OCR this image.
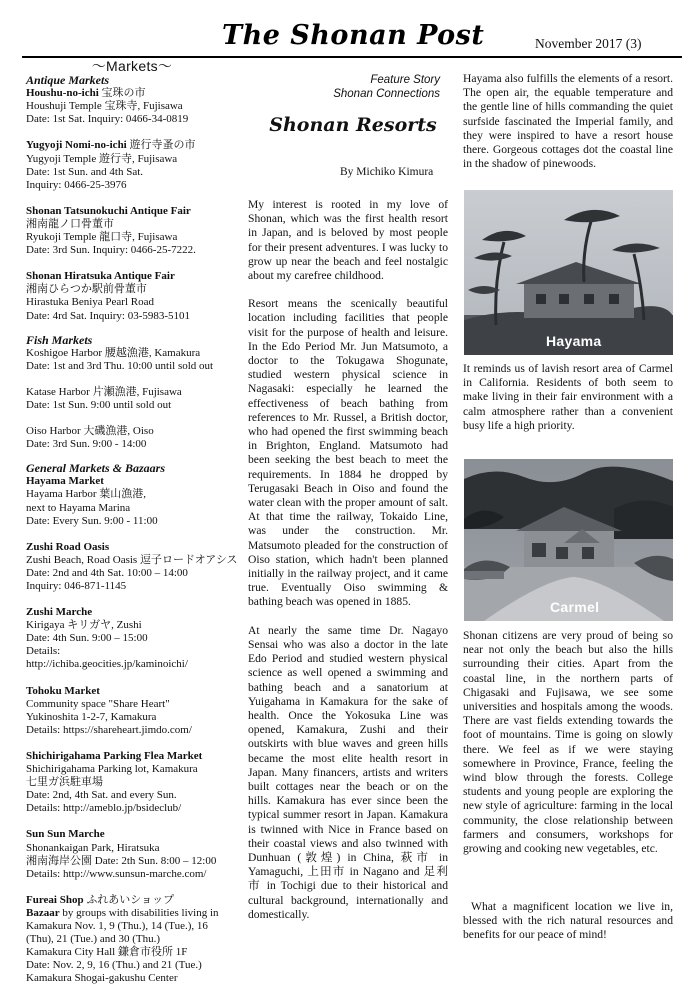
The Shonan Post	November 2017 (3)
〜Markets〜
Antique Markets
Houshu-no-ichi 宝珠の市
Houshuji Temple 宝珠寺, Fujisawa
Date: 1st Sat. Inquiry: 0466-34-0819
Yugyoji Nomi-no-ichi 遊行寺蚤の市
Yugyoji Temple 遊行寺, Fujisawa
Date: 1st Sun. and 4th Sat.
Inquiry: 0466-25-3976
Shonan Tatsunokuchi Antique Fair
湘南龍ノ口骨董市
Ryukoji Temple 龍口寺, Fujisawa
Date: 3rd Sun. Inquiry: 0466-25-7222.
Shonan Hiratsuka Antique Fair
湘南ひらつか駅前骨董市
Hirastuka Beniya Pearl Road
Date: 4rd Sat. Inquiry: 03-5983-5101
Fish Markets
Koshigoe Harbor 腰越漁港, Kamakura
Date: 1st and 3rd Thu. 10:00 until sold out
Katase Harbor 片瀬漁港, Fujisawa
Date: 1st Sun. 9:00 until sold out
Oiso Harbor 大磯漁港, Oiso
Date: 3rd Sun. 9:00 - 14:00
General Markets & Bazaars
Hayama Market
Hayama Harbor 葉山漁港,
next to Hayama Marina
Date: Every Sun. 9:00 - 11:00
Zushi Road Oasis
Zushi Beach, Road Oasis 逗子ロードオアシス
Date: 2nd and 4th Sat. 10:00 – 14:00
Inquiry: 046-871-1145
Zushi Marche
Kirigaya キリガヤ, Zushi
Date: 4th Sun. 9:00 – 15:00
Details:
http://ichiba.geocities.jp/kaminoichi/
Tohoku Market
Community space "Share Heart"
Yukinoshita 1-2-7, Kamakura
Details: https://shareheart.jimdo.com/
Shichirigahama Parking Flea Market
Shichirigahama Parking lot, Kamakura
七里ガ浜駐車場
Date: 2nd, 4th Sat. and every Sun.
Details: http://ameblo.jp/bsideclub/
Sun Sun Marche
Shonankaigan Park, Hiratsuka
湘南海岸公園 Date: 2th Sun. 8:00 – 12:00
Details: http://www.sunsun-marche.com/
Fureai Shop ふれあいショップ
Bazaar by groups with disabilities living in Kamakura Nov. 1, 9 (Thu.), 14 (Tue.), 16 (Thu), 21 (Tue.) and 30 (Thu.)
Kamakura City Hall 鎌倉市役所 1F
Date: Nov. 2, 9, 16 (Thu.) and 21 (Tue.)
Kamakura Shogai-gakushu Center
Feature Story
Shonan Connections
Shonan Resorts
By Michiko Kimura

My interest is rooted in my love of Shonan, which was the first health resort in Japan, and is beloved by most people for their present adventures. I was lucky to grow up near the beach and feel nostalgic about my carefree childhood.

Resort means the scenically beautiful location including facilities that people visit for the purpose of health and leisure. In the Edo Period Mr. Jun Matsumoto, a doctor to the Tokugawa Shogunate, studied western physical science in Nagasaki: especially he learned the effectiveness of beach bathing from references to Mr. Russel, a British doctor, who had opened the first swimming beach in Brighton, England. Matsumoto had been seeking the best beach to meet the requirements. In 1884 he dropped by Terugasaki Beach in Oiso and found the water clean with the proper amount of salt. At that time the railway, Tokaido Line, was under the construction. Mr. Matsumoto pleaded for the construction of Oiso station, which hadn't been planned initially in the railway project, and it came true. Eventually Oiso swimming & bathing beach was opened in 1885.

At nearly the same time Dr. Nagayo Sensai who was also a doctor in the late Edo Period and studied western physical science as well opened a swimming and bathing beach and a sanatorium at Yuigahama in Kamakura for the sake of health. Once the Yokosuka Line was opened, Kamakura, Zushi and their outskirts with blue waves and green hills became the most elite health resort in Japan. Many financers, artists and writers built cottages near the beach or on the hills. Kamakura has ever since been the typical summer resort in Japan. Kamakura is twinned with Nice in France based on their coastal views and also twinned with Dunhuan (敦煌) in China, 萩市 in Yamaguchi, 上田市 in Nagano and 足利市 in Tochigi due to their historical and cultural background, internationally and domestically.

Hayama also fulfills the elements of a resort. The open air, the equable temperature and the gentle line of hills commanding the quiet surfside fascinated the Imperial family, and they were inspired to have a resort house there. Gorgeous cottages dot the coastal line in the shadow of pinewoods.
Hayama
It reminds us of lavish resort area of Carmel in California. Residents of both seem to make living in their fair environment with a calm atmosphere rather than a convenient busy life a high priority.
Carmel
Shonan citizens are very proud of being so near not only the beach but also the hills surrounding their cities. Apart from the coastal line, in the northern parts of Chigasaki and Fujisawa, we see some universities and hospitals among the woods. There are vast fields extending towards the foot of mountains. Time is going on slowly there. We feel as if we were staying somewhere in Province, France, feeling the wind blow through the forests. College students and young people are exploring the new style of agriculture: farming in the local community, the close relationship between farmers and consumers, workshops for growing and cooking new vegetables, etc.
What a magnificent location we live in, blessed with the rich natural resources and benefits for our peace of mind!
